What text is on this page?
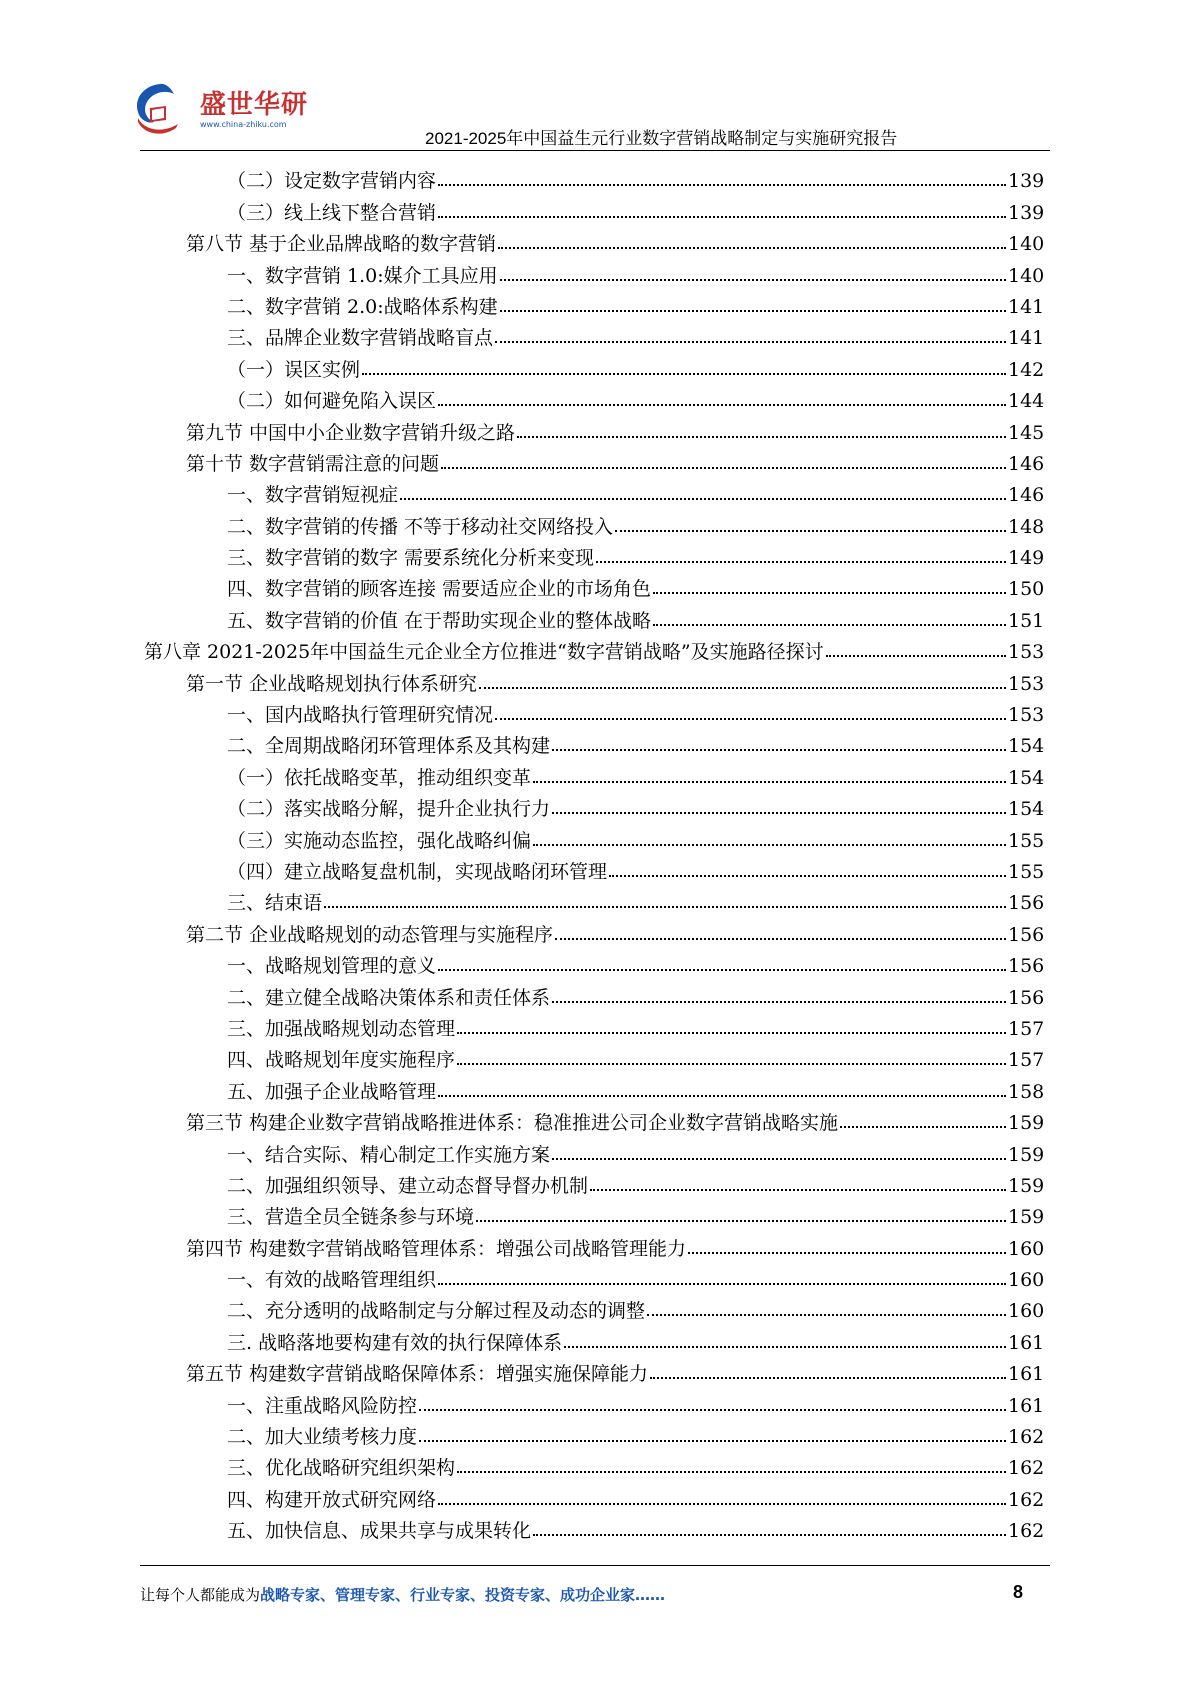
盛世华研
www.china-zhiku.com
2021-2025年中国益生元行业数字营销战略制定与实施研究报告
（二）设定数字营销内容	139
（三）线上线下整合营销	139
第八节 基于企业品牌战略的数字营销	140
一、数字营销 1.0:媒介工具应用	140
二、数字营销 2.0:战略体系构建	141
三、品牌企业数字营销战略盲点	141
（一）误区实例	142
（二）如何避免陷入误区	144
第九节 中国中小企业数字营销升级之路	145
第十节 数字营销需注意的问题	146
一、数字营销短视症	146
二、数字营销的传播 不等于移动社交网络投入	148
三、数字营销的数字 需要系统化分析来变现	149
四、数字营销的顾客连接 需要适应企业的市场角色	150
五、数字营销的价值 在于帮助实现企业的整体战略	151
第八章 2021-2025年中国益生元企业全方位推进“数字营销战略”及实施路径探讨	153
第一节 企业战略规划执行体系研究	153
一、国内战略执行管理研究情况	153
二、全周期战略闭环管理体系及其构建	154
（一）依托战略变革，推动组织变革	154
（二）落实战略分解，提升企业执行力	154
（三）实施动态监控，强化战略纠偏	155
（四）建立战略复盘机制，实现战略闭环管理	155
三、结束语	156
第二节 企业战略规划的动态管理与实施程序	156
一、战略规划管理的意义	156
二、建立健全战略决策体系和责任体系	156
三、加强战略规划动态管理	157
四、战略规划年度实施程序	157
五、加强子企业战略管理	158
第三节 构建企业数字营销战略推进体系：稳准推进公司企业数字营销战略实施	159
一、结合实际、精心制定工作实施方案	159
二、加强组织领导、建立动态督导督办机制	159
三、营造全员全链条参与环境	159
第四节 构建数字营销战略管理体系：增强公司战略管理能力	160
一、有效的战略管理组织	160
二、充分透明的战略制定与分解过程及动态的调整	160
三. 战略落地要构建有效的执行保障体系	161
第五节 构建数字营销战略保障体系：增强实施保障能力	161
一、注重战略风险防控	161
二、加大业绩考核力度	162
三、优化战略研究组织架构	162
四、构建开放式研究网络	162
五、加快信息、成果共享与成果转化	162
让每个人都能成为战略专家、管理专家、行业专家、投资专家、成功企业家……	8
